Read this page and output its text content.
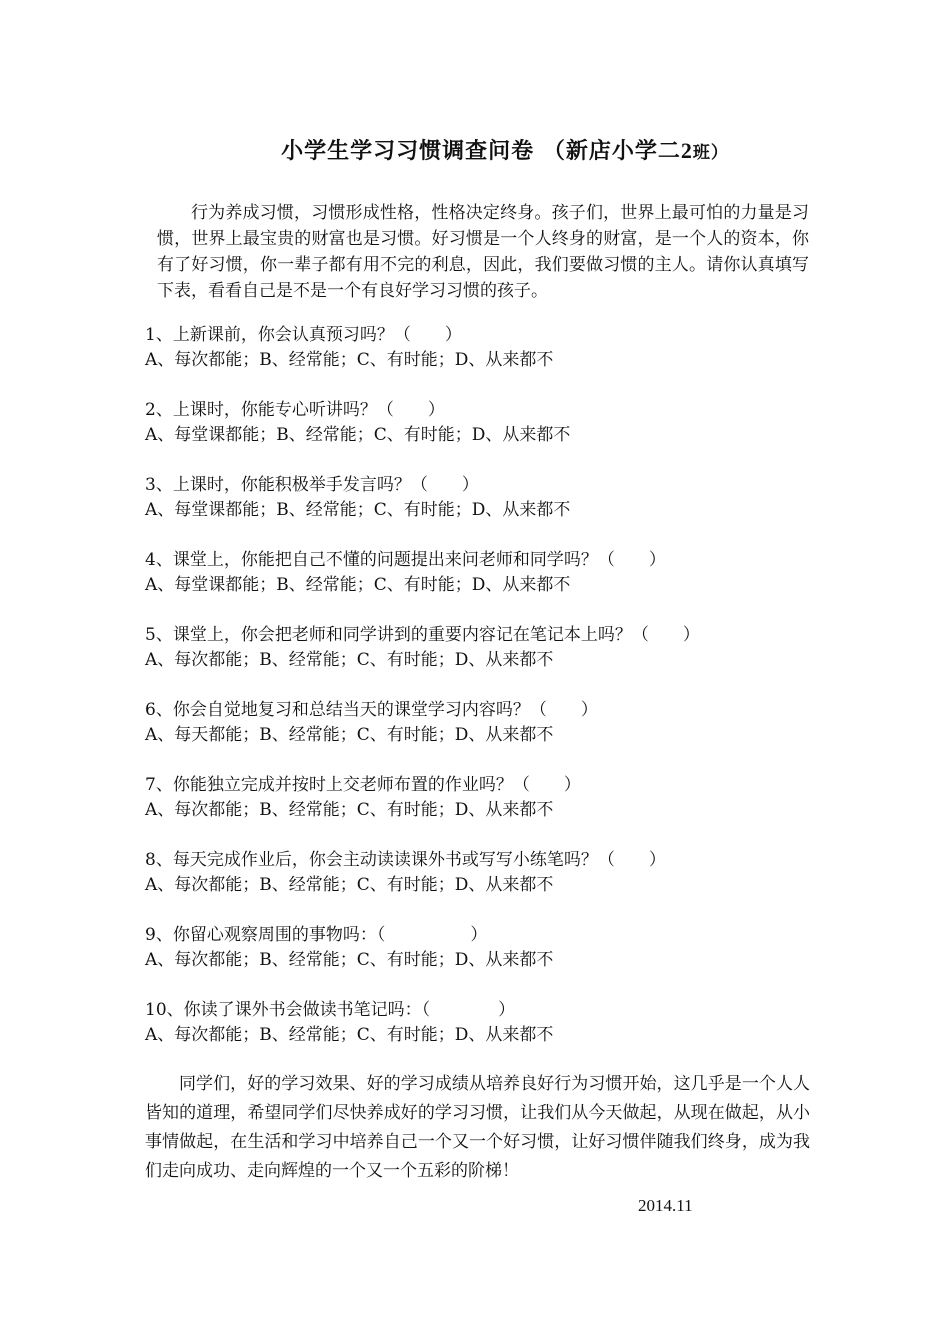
小学生学习习惯调查问卷 （新店小学二2班）
行为养成习惯，习惯形成性格，性格决定终身。孩子们，世界上最可怕的力量是习惯，世界上最宝贵的财富也是习惯。好习惯是一个人终身的财富，是一个人的资本，你有了好习惯，你一辈子都有用不完的利息，因此，我们要做习惯的主人。请你认真填写下表，看看自己是不是一个有良好学习习惯的孩子。
1、上新课前，你会认真预习吗？（　　）
A、每次都能；B、经常能；C、有时能；D、从来都不
2、上课时，你能专心听讲吗？（　　）
A、每堂课都能；B、经常能；C、有时能；D、从来都不
3、上课时，你能积极举手发言吗？（　　）
A、每堂课都能；B、经常能；C、有时能；D、从来都不
4、课堂上，你能把自己不懂的问题提出来问老师和同学吗？（　　）
A、每堂课都能；B、经常能；C、有时能；D、从来都不
5、课堂上，你会把老师和同学讲到的重要内容记在笔记本上吗？（　　）
A、每次都能；B、经常能；C、有时能；D、从来都不
6、你会自觉地复习和总结当天的课堂学习内容吗？（　　）
A、每天都能；B、经常能；C、有时能；D、从来都不
7、你能独立完成并按时上交老师布置的作业吗？（　　）
A、每次都能；B、经常能；C、有时能；D、从来都不
8、每天完成作业后，你会主动读读课外书或写写小练笔吗？（　　）
A、每次都能；B、经常能；C、有时能；D、从来都不
9、你留心观察周围的事物吗：（　　　　　）
A、每次都能；B、经常能；C、有时能；D、从来都不
10、你读了课外书会做读书笔记吗：（　　　　）
A、每次都能；B、经常能；C、有时能；D、从来都不
同学们，好的学习效果、好的学习成绩从培养良好行为习惯开始，这几乎是一个人人皆知的道理，希望同学们尽快养成好的学习习惯，让我们从今天做起，从现在做起，从小事情做起，在生活和学习中培养自己一个又一个好习惯，让好习惯伴随我们终身，成为我们走向成功、走向辉煌的一个又一个五彩的阶梯！
2014.11
